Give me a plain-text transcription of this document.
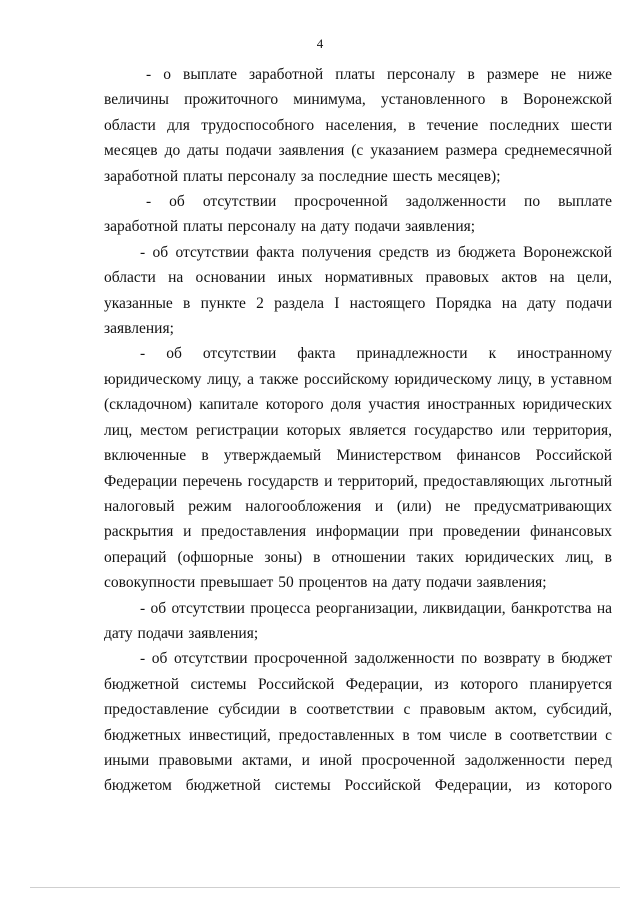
4

- о выплате заработной платы персоналу в размере не ниже величины прожиточного минимума, установленного в Воронежской области для трудоспособного населения, в течение последних шести месяцев до даты подачи заявления (с указанием размера среднемесячной заработной платы персоналу за последние шесть месяцев);

- об отсутствии просроченной задолженности по выплате заработной платы персоналу на дату подачи заявления;

- об отсутствии факта получения средств из бюджета Воронежской области на основании иных нормативных правовых актов на цели, указанные в пункте 2 раздела I настоящего Порядка на дату подачи заявления;

- об отсутствии факта принадлежности к иностранному юридическому лицу, а также российскому юридическому лицу, в уставном (складочном) капитале которого доля участия иностранных юридических лиц, местом регистрации которых является государство или территория, включенные в утверждаемый Министерством финансов Российской Федерации перечень государств и территорий, предоставляющих льготный налоговый режим налогообложения и (или) не предусматривающих раскрытия и предоставления информации при проведении финансовых операций (офшорные зоны) в отношении таких юридических лиц, в совокупности превышает 50 процентов на дату подачи заявления;

- об отсутствии процесса реорганизации, ликвидации, банкротства на дату подачи заявления;

- об отсутствии просроченной задолженности по возврату в бюджет бюджетной системы Российской Федерации, из которого планируется предоставление субсидии в соответствии с правовым актом, субсидий, бюджетных инвестиций, предоставленных в том числе в соответствии с иными правовыми актами, и иной просроченной задолженности перед бюджетом бюджетной системы Российской Федерации, из которого
